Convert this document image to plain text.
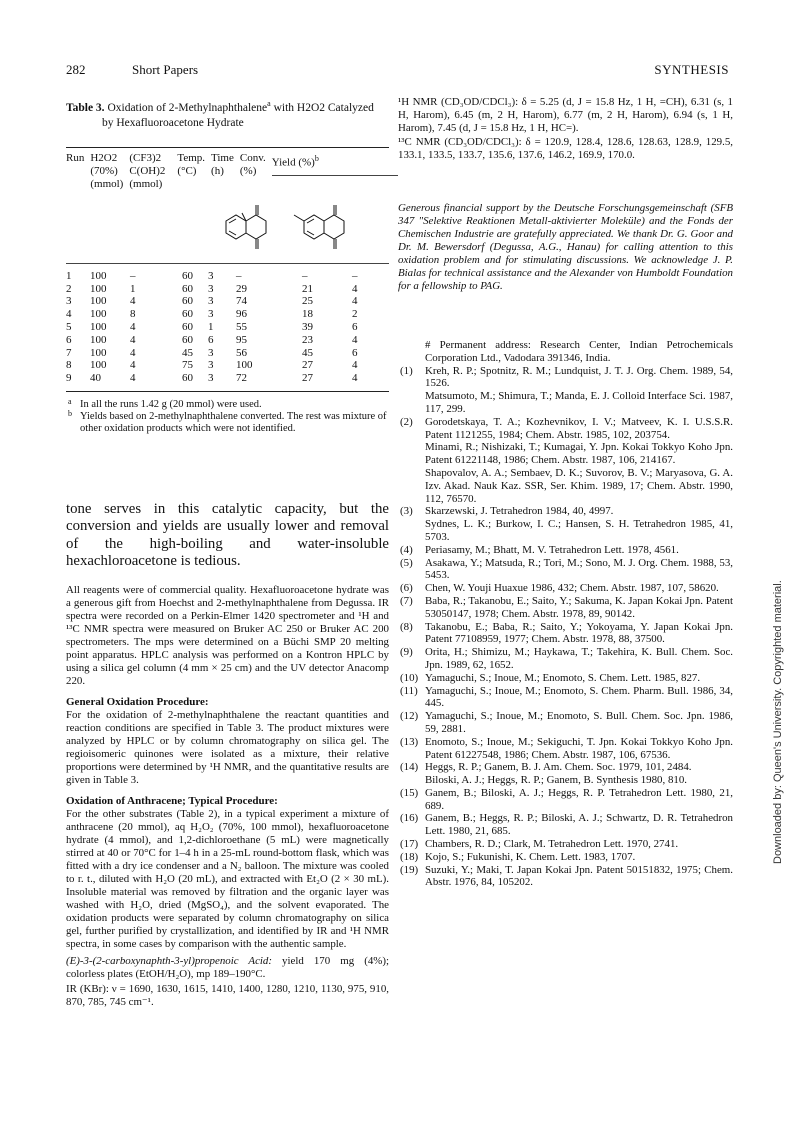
282	Short Papers	SYNTHESIS
Table 3. Oxidation of 2-Methylnaphthalene$^a$ with H2O2 Catalyzed
by Hexafluoroacetone Hydrate
Run	H2O2
(70%)
(mmol)

(CF3)2
C(OH)2
(mmol)

Temp.
(°C)

Time
(h)

Conv.
(%)
	Yield (%)$^b$
1	100	–	60	3	–	–	–
2	100	1	60	3	29	21	4
3	100	4	60	3	74	25	4
4	100	8	60	3	96	18	2
5	100	4	60	1	55	39	6
6	100	4	60	6	95	23	4
7	100	4	45	3	56	45	6
8	100	4	75	3	100	27	4
9	40	4	60	3	72	27	4
a In all the runs 1.42 g (20 mmol) were used.
b Yields based on 2-methylnaphthalene converted. The rest was mixture of other oxidation products which were not identified.
tone serves in this catalytic capacity, but the conversion and yields are usually lower and removal of the high-boiling and water-insoluble hexachloroacetone is tedious.
All reagents were of commercial quality. Hexafluoroacetone hydrate was a generous gift from Hoechst and 2-methylnaphthalene from Degussa. IR spectra were recorded on a Perkin-Elmer 1420 spectrometer and ¹H and ¹³C NMR spectra were measured on Bruker AC 250 or Bruker AC 200 spectrometers. The mps were determined on a Büchi SMP 20 melting point apparatus. HPLC analysis was performed on a Kontron HPLC by using a silica gel column (4 mm × 25 cm) and the UV detector Anacomp 220.
General Oxidation Procedure:
For the oxidation of 2-methylnaphthalene the reactant quantities and reaction conditions are specified in Table 3. The product mixtures were analyzed by HPLC or by column chromatography on silica gel. The regioisomeric quinones were isolated as a mixture, their relative proportions were determined by ¹H NMR, and the quantitative results are given in Table 3.
Oxidation of Anthracene; Typical Procedure:
For the other substrates (Table 2), in a typical experiment a mixture of anthracene (20 mmol), aq H₂O₂ (70%, 100 mmol), hexafluoroacetone hydrate (4 mmol), and 1,2-dichloroethane (5 mL) were magnetically stirred at 40 or 70°C for 1–4 h in a 25-mL round-bottom flask, which was fitted with a dry ice condenser and a N₂ balloon. The mixture was cooled to r. t., diluted with H₂O (20 mL), and extracted with Et₂O (2 × 30 mL). Insoluble material was removed by filtration and the organic layer was washed with H₂O, dried (MgSO₄), and the solvent evaporated. The oxidation products were separated by column chromatography on silica gel, further purified by crystallization, and identified by IR and ¹H NMR spectra, in some cases by comparison with the authentic sample.
(E)-3-(2-carboxynaphth-3-yl)propenoic Acid: yield 170 mg (4%); colorless plates (EtOH/H₂O), mp 189–190°C.
IR (KBr): ν = 1690, 1630, 1615, 1410, 1400, 1280, 1210, 1130, 975, 910, 870, 785, 745 cm⁻¹.
¹H NMR (CD₃OD/CDCl₃): δ = 5.25 (d, J = 15.8 Hz, 1 H, =CH), 6.31 (s, 1 H, Harom), 6.45 (m, 2 H, Harom), 6.77 (m, 2 H, Harom), 6.94 (s, 1 H, Harom), 7.45 (d, J = 15.8 Hz, 1 H, HC=).
¹³C NMR (CD₃OD/CDCl₃): δ = 120.9, 128.4, 128.6, 128.63, 128.9, 129.5, 133.1, 133.5, 133.7, 135.6, 137.6, 146.2, 169.9, 170.0.
Generous financial support by the Deutsche Forschungsgemeinschaft (SFB 347 "Selektive Reaktionen Metall-aktivierter Moleküle) and the Fonds der Chemischen Industrie are gratefully appreciated. We thank Dr. G. Goor and Dr. M. Bewersdorf (Degussa, A.G., Hanau) for calling attention to this oxidation problem and for stimulating discussions. We acknowledge J. P. Bialas for technical assistance and the Alexander von Humboldt Foundation for a fellowship to PAG.
# Permanent address: Research Center, Indian Petrochemicals Corporation Ltd., Vadodara 391346, India.
(1) Kreh, R. P.; Spotnitz, R. M.; Lundquist, J. T. J. Org. Chem. 1989, 54, 1526.
Matsumoto, M.; Shimura, T.; Manda, E. J. Colloid Interface Sci. 1987, 117, 299.
(2) Gorodetskaya, T. A.; Kozhevnikov, I. V.; Matveev, K. I. U.S.S.R. Patent 1121255, 1984; Chem. Abstr. 1985, 102, 203754.
Minami, R.; Nishizaki, T.; Kumagai, Y. Jpn. Kokai Tokkyo Koho Jpn. Patent 61221148, 1986; Chem. Abstr. 1987, 106, 214167.
Shapovalov, A. A.; Sembaev, D. K.; Suvorov, B. V.; Maryasova, G. A. Izv. Akad. Nauk Kaz. SSR, Ser. Khim. 1989, 17; Chem. Abstr. 1990, 112, 76570.
(3) Skarzewski, J. Tetrahedron 1984, 40, 4997.
Sydnes, L. K.; Burkow, I. C.; Hansen, S. H. Tetrahedron 1985, 41, 5703.
(4) Periasamy, M.; Bhatt, M. V. Tetrahedron Lett. 1978, 4561.
(5) Asakawa, Y.; Matsuda, R.; Tori, M.; Sono, M. J. Org. Chem. 1988, 53, 5453.
(6) Chen, W. Youji Huaxue 1986, 432; Chem. Abstr. 1987, 107, 58620.
(7) Baba, R.; Takanobu, E.; Saito, Y.; Sakuma, K. Japan Kokai Jpn. Patent 53050147, 1978; Chem. Abstr. 1978, 89, 90142.
(8) Takanobu, E.; Baba, R.; Saito, Y.; Yokoyama, Y. Japan Kokai Jpn. Patent 77108959, 1977; Chem. Abstr. 1978, 88, 37500.
(9) Orita, H.; Shimizu, M.; Haykawa, T.; Takehira, K. Bull. Chem. Soc. Jpn. 1989, 62, 1652.
(10) Yamaguchi, S.; Inoue, M.; Enomoto, S. Chem. Lett. 1985, 827.
(11) Yamaguchi, S.; Inoue, M.; Enomoto, S. Chem. Pharm. Bull. 1986, 34, 445.
(12) Yamaguchi, S.; Inoue, M.; Enomoto, S. Bull. Chem. Soc. Jpn. 1986, 59, 2881.
(13) Enomoto, S.; Inoue, M.; Sekiguchi, T. Jpn. Kokai Tokkyo Koho Jpn. Patent 61227548, 1986; Chem. Abstr. 1987, 106, 67536.
(14) Heggs, R. P.; Ganem, B. J. Am. Chem. Soc. 1979, 101, 2484.
Biloski, A. J.; Heggs, R. P.; Ganem, B. Synthesis 1980, 810.
(15) Ganem, B.; Biloski, A. J.; Heggs, R. P. Tetrahedron Lett. 1980, 21, 689.
(16) Ganem, B.; Heggs, R. P.; Biloski, A. J.; Schwartz, D. R. Tetrahedron Lett. 1980, 21, 685.
(17) Chambers, R. D.; Clark, M. Tetrahedron Lett. 1970, 2741.
(18) Kojo, S.; Fukunishi, K. Chem. Lett. 1983, 1707.
(19) Suzuki, Y.; Maki, T. Japan Kokai Jpn. Patent 50151832, 1975; Chem. Abstr. 1976, 84, 105202.
Downloaded by: Queen's University. Copyrighted material.
